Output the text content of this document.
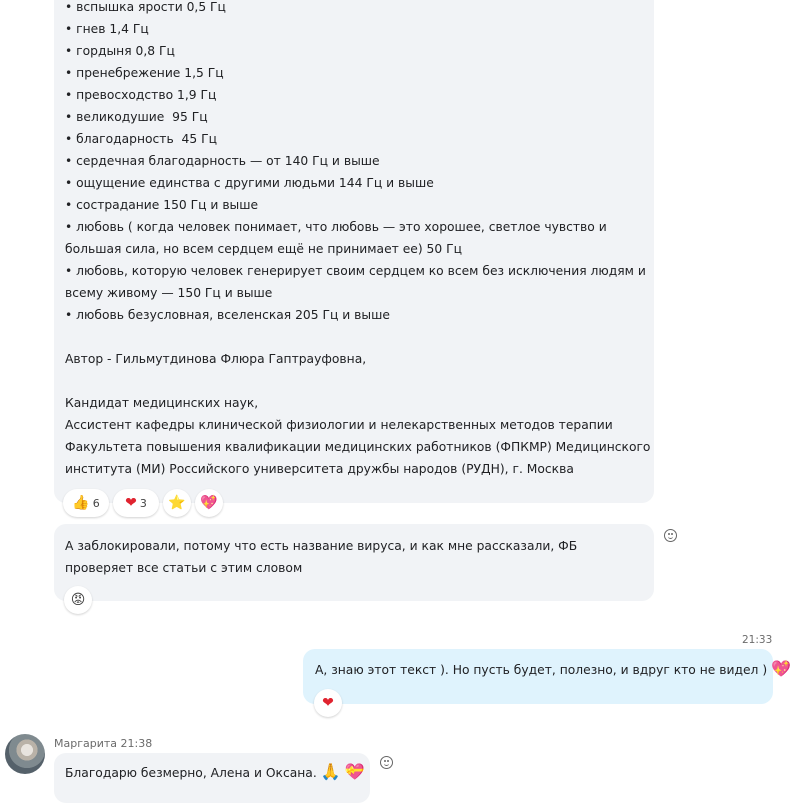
• вспышка ярости 0,5 Гц
• гнев 1,4 Гц
• гордыня 0,8 Гц
• пренебрежение 1,5 Гц
• превосходство 1,9 Гц
• великодушие  95 Гц
• благодарность  45 Гц
• сердечная благодарность — от 140 Гц и выше
• ощущение единства с другими людьми 144 Гц и выше
• сострадание 150 Гц и выше
• любовь ( когда человек понимает, что любовь — это хорошее, светлое чувство и
большая сила, но всем сердцем ещё не принимает ее) 50 Гц
• любовь, которую человек генерирует своим сердцем ко всем без исключения людям и
всему живому — 150 Гц и выше
• любовь безусловная, вселенская 205 Гц и выше
Автор - Гильмутдинова Флюра Гаптрауфовна,
Кандидат медицинских наук,
Ассистент кафедры клинической физиологии и нелекарственных методов терапии
Факультета повышения квалификации медицинских работников (ФПКМР) Медицинского
института (МИ) Российского университета дружбы народов (РУДН), г. Москва
👍 6 ❤ 3 ⭐ 💖
А заблокировали, потому что есть название вируса, и как мне рассказали, ФБ проверяет все статьи с этим словом
😡
21:33
А, знаю этот текст ). Но пусть будет, полезно, и вдруг кто не видел ) 💖
❤
Маргарита 21:38
Благодарю безмерно, Алена и Оксана. 🙏 💝
